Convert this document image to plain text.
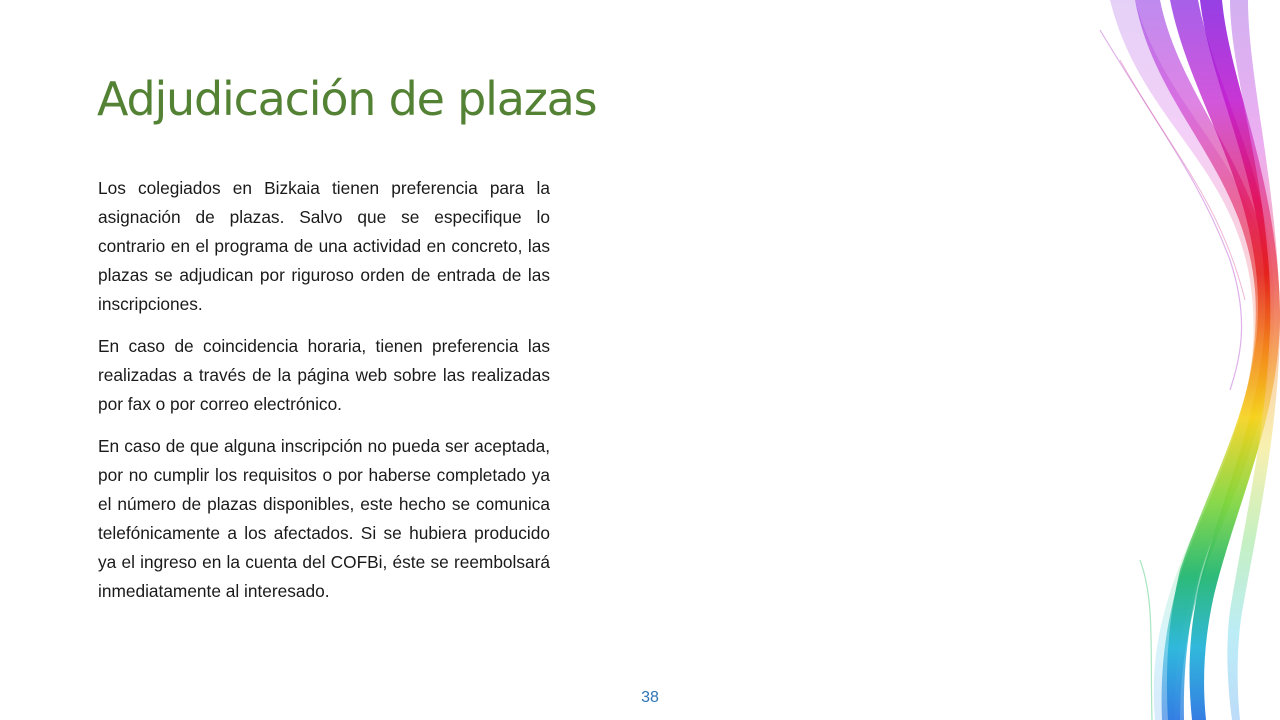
Adjudicación de plazas

Los colegiados en Bizkaia tienen preferencia para la asignación de plazas. Salvo que se especifique lo contrario en el programa de una actividad en concreto, las plazas se adjudican por riguroso orden de entrada de las inscripciones.

En caso de coincidencia horaria, tienen preferencia las realizadas a través de la página web sobre las realizadas por fax o por correo electrónico.

En caso de que alguna inscripción no pueda ser aceptada, por no cumplir los requisitos o por haberse completado ya el número de plazas disponibles, este hecho se comunica telefónicamente a los afectados. Si se hubiera producido ya el ingreso en la cuenta del COFBi, éste se reembolsará inmediatamente al interesado.

38
